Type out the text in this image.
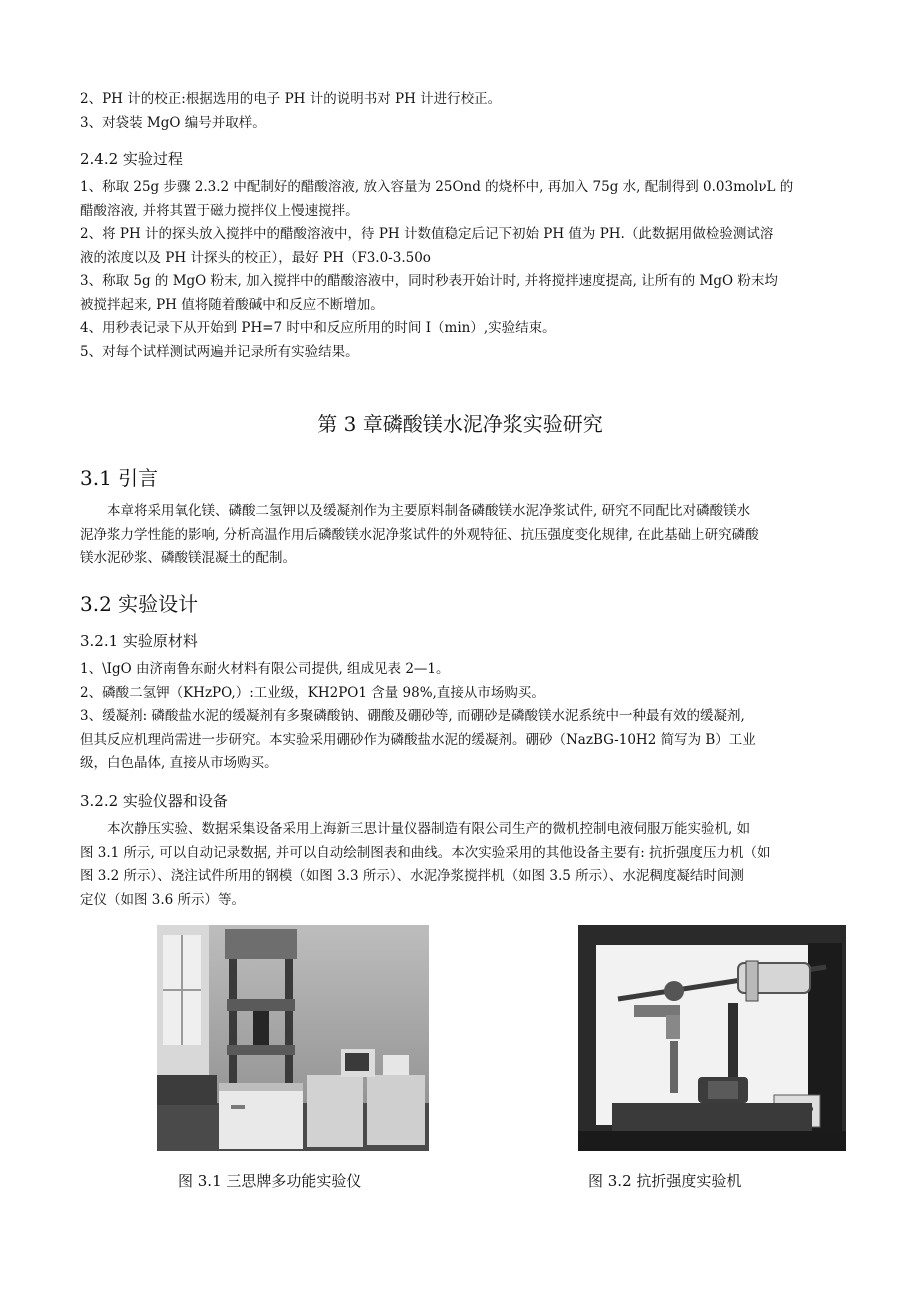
2、PH 计的校正:根据选用的电子 PH 计的说明书对 PH 计进行校正。
3、对袋装 MgO 编号并取样。
2.4.2 实验过程
1、称取 25g 步骤 2.3.2 中配制好的醋酸溶液, 放入容量为 25Ond 的烧杯中, 再加入 75g 水, 配制得到 0.03molνL 的
醋酸溶液, 并将其置于磁力搅拌仪上慢速搅拌。
2、将 PH 计的探头放入搅拌中的醋酸溶液中，待 PH 计数值稳定后记下初始 PH 值为 PH.（此数据用做检验测试溶
液的浓度以及 PH 计探头的校正），最好 PH（F3.0-3.50o
3、称取 5g 的 MgO 粉末, 加入搅拌中的醋酸溶液中，同时秒表开始计时, 并将搅拌速度提高, 让所有的 MgO 粉末均
被搅拌起来, PH 值将随着酸碱中和反应不断增加。
4、用秒表记录下从开始到 PH=7 时中和反应所用的时间 I（min）,实验结束。
5、对每个试样测试两遍并记录所有实验结果。
第 3 章磷酸镁水泥净浆实验研究
3.1 引言
本章将采用氧化镁、磷酸二氢钾以及缓凝剂作为主要原料制备磷酸镁水泥净浆试件, 研究不同配比对磷酸镁水
泥净浆力学性能的影响, 分析高温作用后磷酸镁水泥净浆试件的外观特征、抗压强度变化规律, 在此基础上研究磷酸
镁水泥砂浆、磷酸镁混凝土的配制。
3.2 实验设计
3.2.1 实验原材料
1、\IgO 由济南鲁东耐火材料有限公司提供, 组成见表 2—1。
2、磷酸二氢钾（KHzPO,）:工业级，KH2PO1 含量 98%,直接从市场购买。
3、缓凝剂: 磷酸盐水泥的缓凝剂有多聚磷酸钠、硼酸及硼砂等, 而硼砂是磷酸镁水泥系统中一种最有效的缓凝剂,
但其反应机理尚需进一步研究。本实验采用硼砂作为磷酸盐水泥的缓凝剂。硼砂（NazBG-10H2 简写为 B）工业
级，白色晶体, 直接从市场购买。
3.2.2 实验仪器和设备
本次静压实验、数据采集设备采用上海新三思计量仪器制造有限公司生产的微机控制电液伺服万能实验机, 如
图 3.1 所示, 可以自动记录数据, 并可以自动绘制图表和曲线。本次实验采用的其他设备主要有: 抗折强度压力机（如
图 3.2 所示）、浇注试件所用的钢模（如图 3.3 所示）、水泥净浆搅拌机（如图 3.5 所示）、水泥稠度凝结时间测
定仪（如图 3.6 所示）等。
图 3.1 三思牌多功能实验仪	图 3.2 抗折强度实验机
